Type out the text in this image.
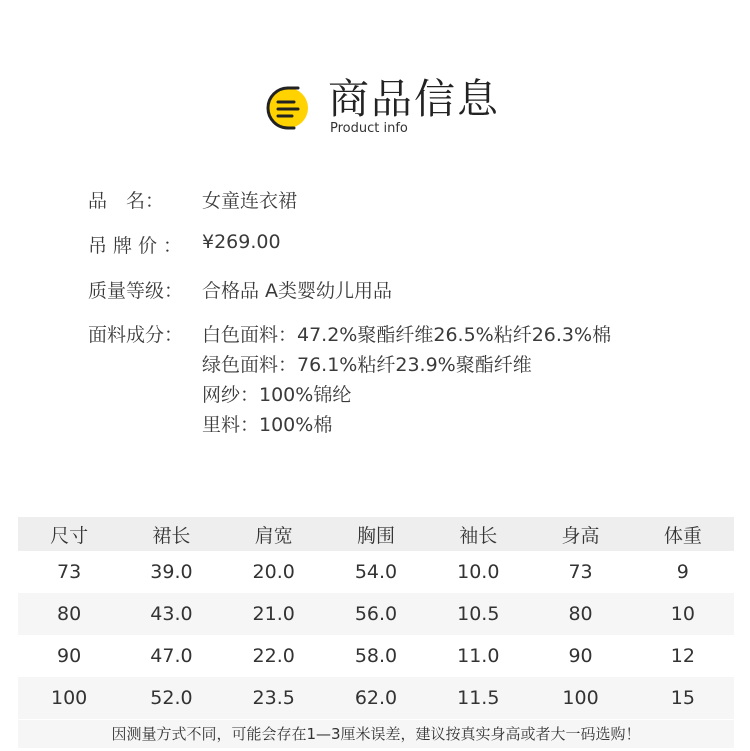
商品信息
Product info
品　名：	女童连衣裙
吊牌价： ¥269.00
质量等级： 合格品 A类婴幼儿用品
面料成分： 白色面料：47.2%聚酯纤维26.5%粘纤26.3%棉
绿色面料：76.1%粘纤23.9%聚酯纤维
网纱：100%锦纶
里料：100%棉
尺寸	裙长	肩宽	胸围	袖长	身高	体重
73	39.0	20.0	54.0	10.0	73	9
80	43.0	21.0	56.0	10.5	80	10
90	47.0	22.0	58.0	11.0	90	12
100	52.0	23.5	62.0	11.5	100	15
因测量方式不同，可能会存在1—3厘米误差，建议按真实身高或者大一码选购！
